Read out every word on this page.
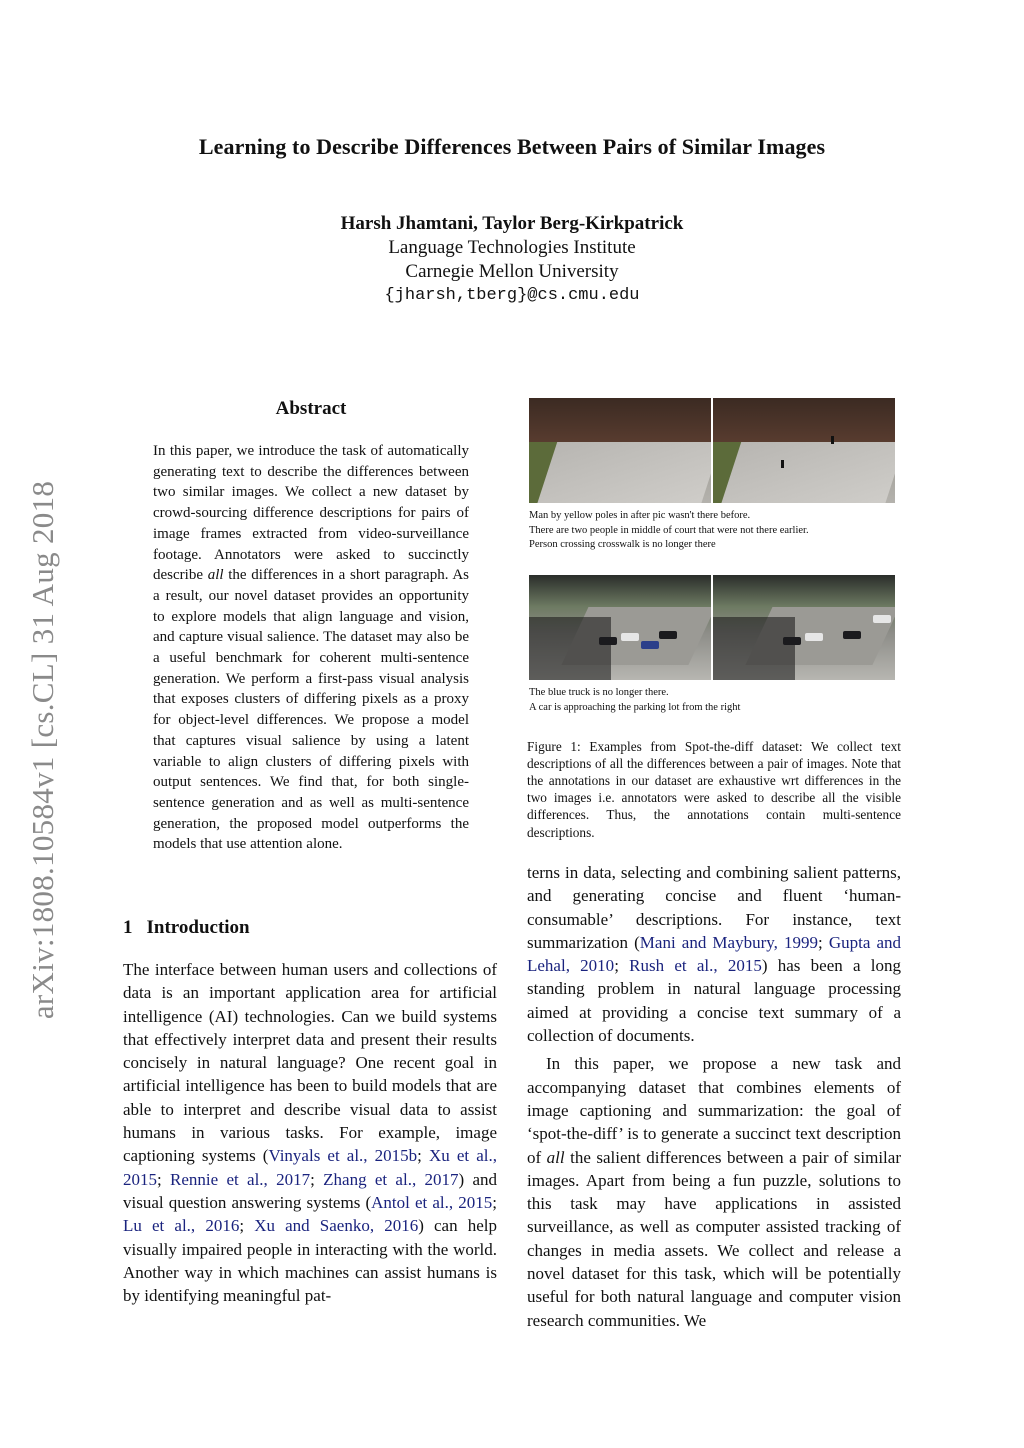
Learning to Describe Differences Between Pairs of Similar Images
Harsh Jhamtani, Taylor Berg-Kirkpatrick
Language Technologies Institute
Carnegie Mellon University
{jharsh,tberg}@cs.cmu.edu
arXiv:1808.10584v1 [cs.CL] 31 Aug 2018
Abstract
In this paper, we introduce the task of automatically generating text to describe the differences between two similar images. We collect a new dataset by crowd-sourcing difference descriptions for pairs of image frames extracted from video-surveillance footage. Annotators were asked to succinctly describe all the differences in a short paragraph. As a result, our novel dataset provides an opportunity to explore models that align language and vision, and capture visual salience. The dataset may also be a useful benchmark for coherent multi-sentence generation. We perform a first-pass visual analysis that exposes clusters of differing pixels as a proxy for object-level differences. We propose a model that captures visual salience by using a latent variable to align clusters of differing pixels with output sentences. We find that, for both single-sentence generation and as well as multi-sentence generation, the proposed model outperforms the models that use attention alone.
1 Introduction

The interface between human users and collections of data is an important application area for artificial intelligence (AI) technologies. Can we build systems that effectively interpret data and present their results concisely in natural language? One recent goal in artificial intelligence has been to build models that are able to interpret and describe visual data to assist humans in various tasks. For example, image captioning systems (Vinyals et al., 2015b; Xu et al., 2015; Rennie et al., 2017; Zhang et al., 2017) and visual question answering systems (Antol et al., 2015; Lu et al., 2016; Xu and Saenko, 2016) can help visually impaired people in interacting with the world. Another way in which machines can assist humans is by identifying meaningful pat-

Man by yellow poles in after pic wasn't there before.
There are two people in middle of court that were not there earlier.
Person crossing crosswalk is no longer there
The blue truck is no longer there.
A car is approaching the parking lot from the right
Figure 1: Examples from Spot-the-diff dataset: We collect text descriptions of all the differences between a pair of images. Note that the annotations in our dataset are exhaustive wrt differences in the two images i.e. annotators were asked to describe all the visible differences. Thus, the annotations contain multi-sentence descriptions.

terns in data, selecting and combining salient patterns, and generating concise and fluent ‘human-consumable’ descriptions. For instance, text summarization (Mani and Maybury, 1999; Gupta and Lehal, 2010; Rush et al., 2015) has been a long standing problem in natural language processing aimed at providing a concise text summary of a collection of documents.

In this paper, we propose a new task and accompanying dataset that combines elements of image captioning and summarization: the goal of ‘spot-the-diff’ is to generate a succinct text description of all the salient differences between a pair of similar images. Apart from being a fun puzzle, solutions to this task may have applications in assisted surveillance, as well as computer assisted tracking of changes in media assets. We collect and release a novel dataset for this task, which will be potentially useful for both natural language and computer vision research communities. We
